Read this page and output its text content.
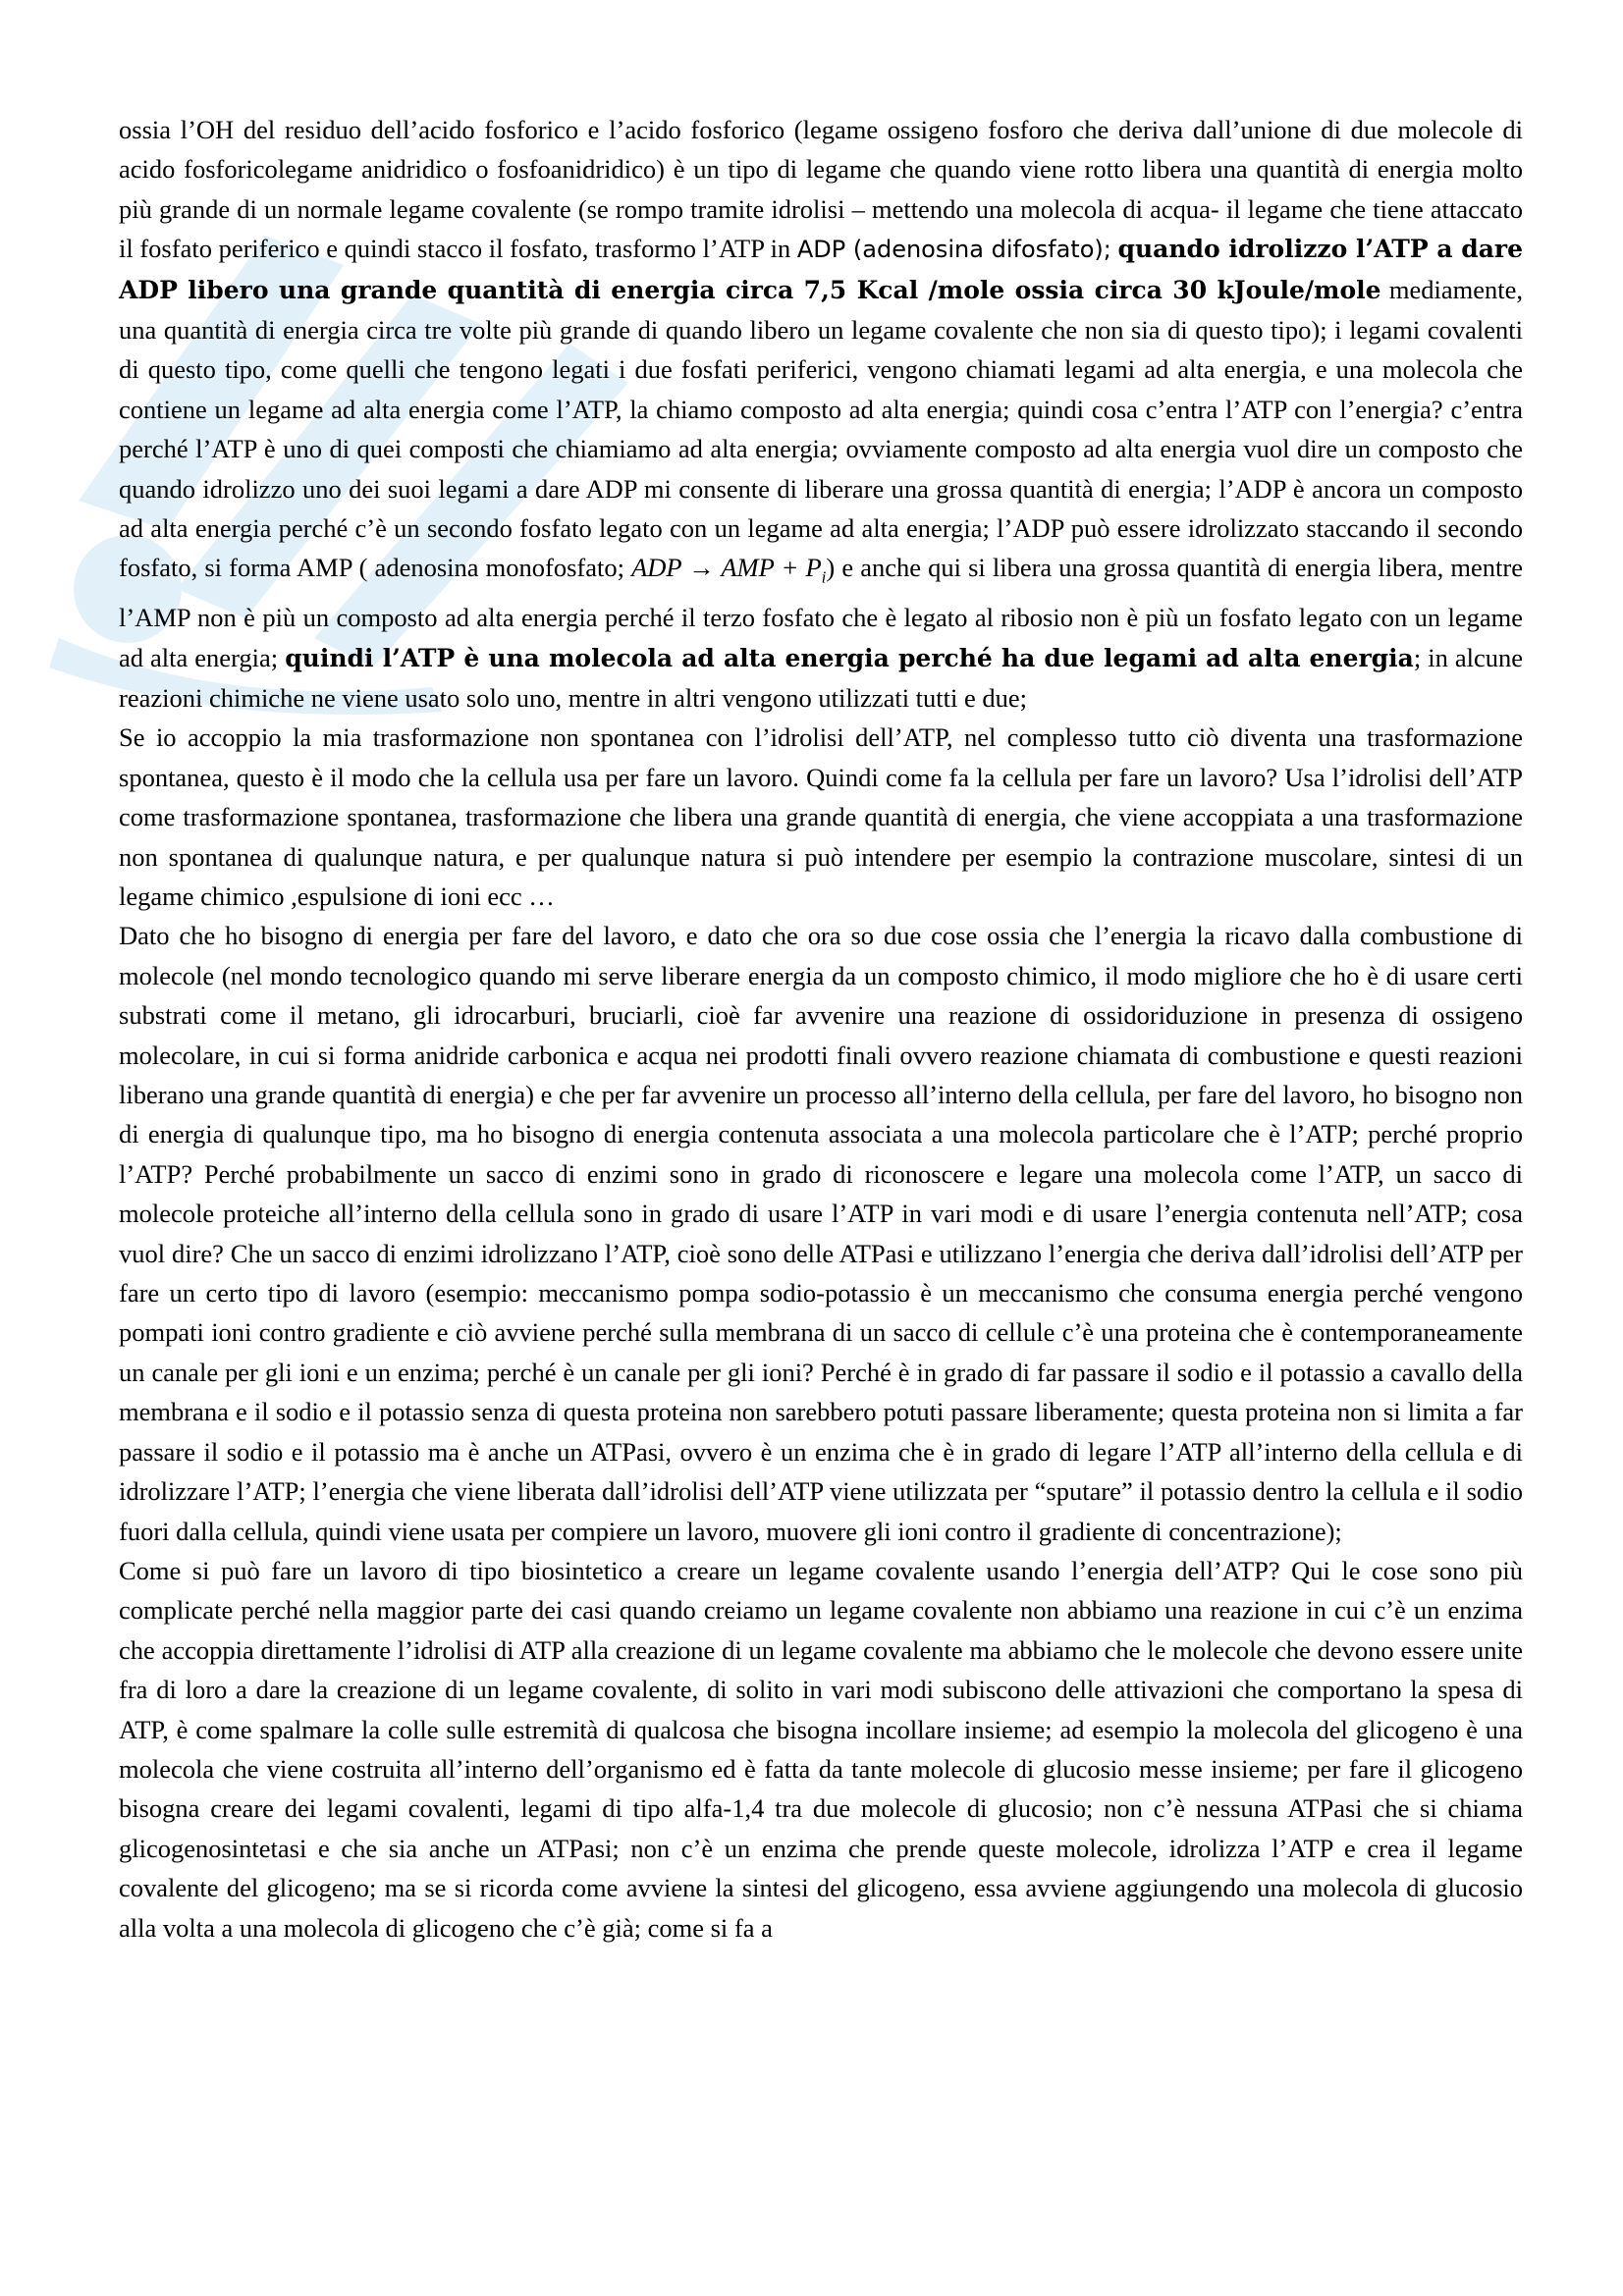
ossia l’OH del residuo dell’acido fosforico e l’acido fosforico (legame ossigeno fosforo che deriva dall’unione di due molecole di acido fosforicolegame anidridico o fosfoanidridico) è un tipo di legame che quando viene rotto libera una quantità di energia molto più grande di un normale legame covalente (se rompo tramite idrolisi – mettendo una molecola di acqua- il legame che tiene attaccato il fosfato periferico e quindi stacco il fosfato, trasformo l’ATP in ADP (adenosina difosfato); quando idrolizzo l’ATP a dare ADP libero una grande quantità di energia circa 7,5 Kcal /mole ossia circa 30 kJoule/mole mediamente, una quantità di energia circa tre volte più grande di quando libero un legame covalente che non sia di questo tipo); i legami covalenti di questo tipo, come quelli che tengono legati i due fosfati periferici, vengono chiamati legami ad alta energia, e una molecola che contiene un legame ad alta energia come l’ATP, la chiamo composto ad alta energia; quindi cosa c’entra l’ATP con l’energia? c’entra perché l’ATP è uno di quei composti che chiamiamo ad alta energia; ovviamente composto ad alta energia vuol dire un composto che quando idrolizzo uno dei suoi legami a dare ADP mi consente di liberare una grossa quantità di energia; l’ADP è ancora un composto ad alta energia perché c’è un secondo fosfato legato con un legame ad alta energia; l’ADP può essere idrolizzato staccando il secondo fosfato, si forma AMP ( adenosina monofosfato; ADP → AMP + $P_i$) e anche qui si libera una grossa quantità di energia libera, mentre l’AMP non è più un composto ad alta energia perché il terzo fosfato che è legato al ribosio non è più un fosfato legato con un legame ad alta energia; quindi l’ATP è una molecola ad alta energia perché ha due legami ad alta energia; in alcune reazioni chimiche ne viene usato solo uno, mentre in altri vengono utilizzati tutti e due;

Se io accoppio la mia trasformazione non spontanea con l’idrolisi dell’ATP, nel complesso tutto ciò diventa una trasformazione spontanea, questo è il modo che la cellula usa per fare un lavoro. Quindi come fa la cellula per fare un lavoro? Usa l’idrolisi dell’ATP come trasformazione spontanea, trasformazione che libera una grande quantità di energia, che viene accoppiata a una trasformazione non spontanea di qualunque natura, e per qualunque natura si può intendere per esempio la contrazione muscolare, sintesi di un legame chimico ,espulsione di ioni ecc …

Dato che ho bisogno di energia per fare del lavoro, e dato che ora so due cose ossia che l’energia la ricavo dalla combustione di molecole (nel mondo tecnologico quando mi serve liberare energia da un composto chimico, il modo migliore che ho è di usare certi substrati come il metano, gli idrocarburi, bruciarli, cioè far avvenire una reazione di ossidoriduzione in presenza di ossigeno molecolare, in cui si forma anidride carbonica e acqua nei prodotti finali ovvero reazione chiamata di combustione e questi reazioni liberano una grande quantità di energia) e che per far avvenire un processo all’interno della cellula, per fare del lavoro, ho bisogno non di energia di qualunque tipo, ma ho bisogno di energia contenuta associata a una molecola particolare che è l’ATP; perché proprio l’ATP? Perché probabilmente un sacco di enzimi sono in grado di riconoscere e legare una molecola come l’ATP, un sacco di molecole proteiche all’interno della cellula sono in grado di usare l’ATP in vari modi e di usare l’energia contenuta nell’ATP; cosa vuol dire? Che un sacco di enzimi idrolizzano l’ATP, cioè sono delle ATPasi e utilizzano l’energia che deriva dall’idrolisi dell’ATP per fare un certo tipo di lavoro (esempio: meccanismo pompa sodio-potassio è un meccanismo che consuma energia perché vengono pompati ioni contro gradiente e ciò avviene perché sulla membrana di un sacco di cellule c’è una proteina che è contemporaneamente un canale per gli ioni e un enzima; perché è un canale per gli ioni? Perché è in grado di far passare il sodio e il potassio a cavallo della membrana e il sodio e il potassio senza di questa proteina non sarebbero potuti passare liberamente; questa proteina non si limita a far passare il sodio e il potassio ma è anche un ATPasi, ovvero è un enzima che è in grado di legare l’ATP all’interno della cellula e di idrolizzare l’ATP; l’energia che viene liberata dall’idrolisi dell’ATP viene utilizzata per “sputare” il potassio dentro la cellula e il sodio fuori dalla cellula, quindi viene usata per compiere un lavoro, muovere gli ioni contro il gradiente di concentrazione);

Come si può fare un lavoro di tipo biosintetico a creare un legame covalente usando l’energia dell’ATP? Qui le cose sono più complicate perché nella maggior parte dei casi quando creiamo un legame covalente non abbiamo una reazione in cui c’è un enzima che accoppia direttamente l’idrolisi di ATP alla creazione di un legame covalente ma abbiamo che le molecole che devono essere unite fra di loro a dare la creazione di un legame covalente, di solito in vari modi subiscono delle attivazioni che comportano la spesa di ATP, è come spalmare la colle sulle estremità di qualcosa che bisogna incollare insieme; ad esempio la molecola del glicogeno è una molecola che viene costruita all’interno dell’organismo ed è fatta da tante molecole di glucosio messe insieme; per fare il glicogeno bisogna creare dei legami covalenti, legami di tipo alfa-1,4 tra due molecole di glucosio; non c’è nessuna ATPasi che si chiama glicogenosintetasi e che sia anche un ATPasi; non c’è un enzima che prende queste molecole, idrolizza l’ATP e crea il legame covalente del glicogeno; ma se si ricorda come avviene la sintesi del glicogeno, essa avviene aggiungendo una molecola di glucosio alla volta a una molecola di glicogeno che c’è già; come si fa a
